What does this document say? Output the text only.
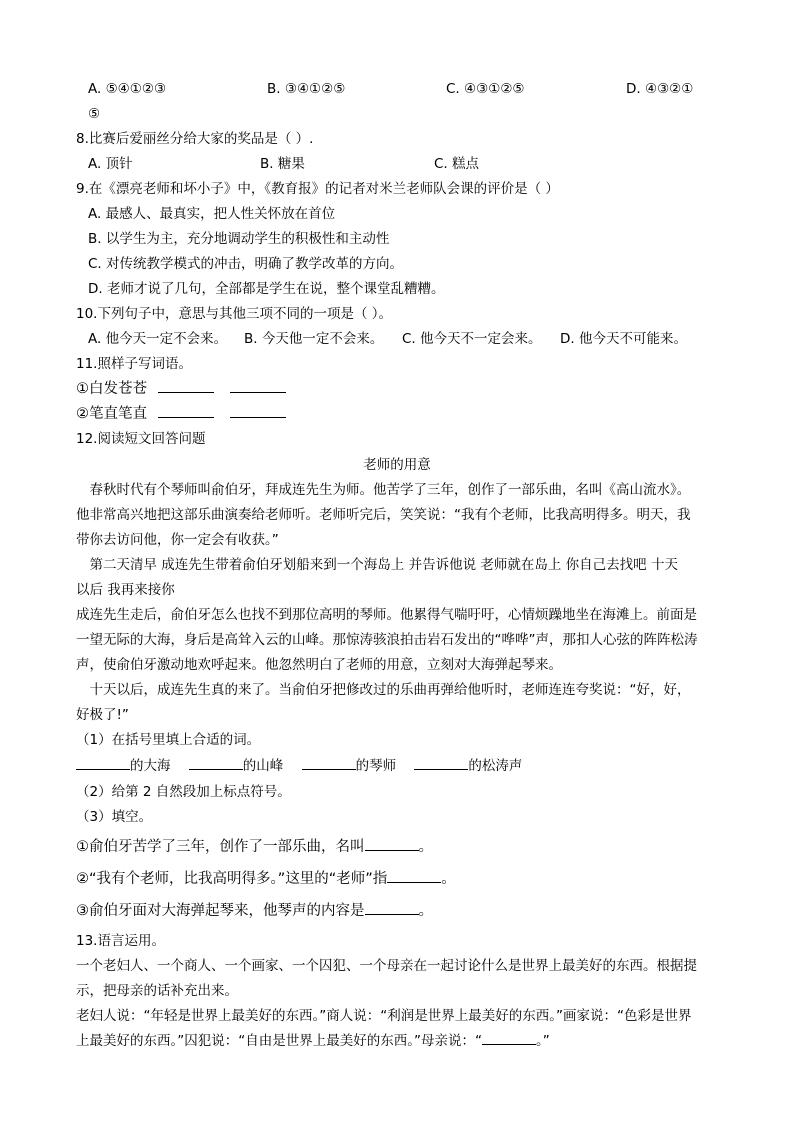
A. ⑤④①②③	B. ③④①②⑤	C. ④③①②⑤	D. ④③②①
⑤
8.比赛后爱丽丝分给大家的奖品是（ ）.
A. 顶针	B. 糖果	C. 糕点
9.在《漂亮老师和坏小子》中，《教育报》的记者对米兰老师队会课的评价是（ ）
A. 最感人、最真实，把人性关怀放在首位
B. 以学生为主，充分地调动学生的积极性和主动性
C. 对传统教学模式的冲击，明确了教学改革的方向。
D. 老师才说了几句，全部都是学生在说，整个课堂乱糟糟。
10.下列句子中，意思与其他三项不同的一项是（ ）。
A. 他今天一定不会来。 B. 今天他一定不会来。 C. 他今天不一定会来。 D. 他今天不可能来。
11.照样子写词语。
①白发苍苍
②笔直笔直
12.阅读短文回答问题
老师的用意
　春秋时代有个琴师叫俞伯牙，拜成连先生为师。他苦学了三年，创作了一部乐曲，名叫《高山流水》。
他非常高兴地把这部乐曲演奏给老师听。老师听完后，笑笑说：“我有个老师，比我高明得多。明天，我
带你去访问他，你一定会有收获。”
　第二天清早 成连先生带着俞伯牙划船来到一个海岛上 并告诉他说 老师就在岛上 你自己去找吧 十天
以后 我再来接你
成连先生走后，俞伯牙怎么也找不到那位高明的琴师。他累得气喘吁吁，心情烦躁地坐在海滩上。前面是
一望无际的大海，身后是高耸入云的山峰。那惊涛骇浪拍击岩石发出的“哗哗”声，那扣人心弦的阵阵松涛
声，使俞伯牙激动地欢呼起来。他忽然明白了老师的用意，立刻对大海弹起琴来。
　十天以后，成连先生真的来了。当俞伯牙把修改过的乐曲再弹给他听时，老师连连夸奖说：“好，好，
好极了!”
（1）在括号里填上合适的词。
的大海	的山峰	的琴师	的松涛声
（2）给第 2 自然段加上标点符号。
（3）填空。
①俞伯牙苦学了三年，创作了一部乐曲，名叫	。
②“我有个老师，比我高明得多。”这里的“老师”指	。
③俞伯牙面对大海弹起琴来，他琴声的内容是	。
13.语言运用。
一个老妇人、一个商人、一个画家、一个囚犯、一个母亲在一起讨论什么是世界上最美好的东西。根据提
示，把母亲的话补充出来。
老妇人说：“年轻是世界上最美好的东西。”商人说：“利润是世界上最美好的东西。”画家说：“色彩是世界
上最美好的东西。”囚犯说：“自由是世界上最美好的东西。”母亲说：“	。”
